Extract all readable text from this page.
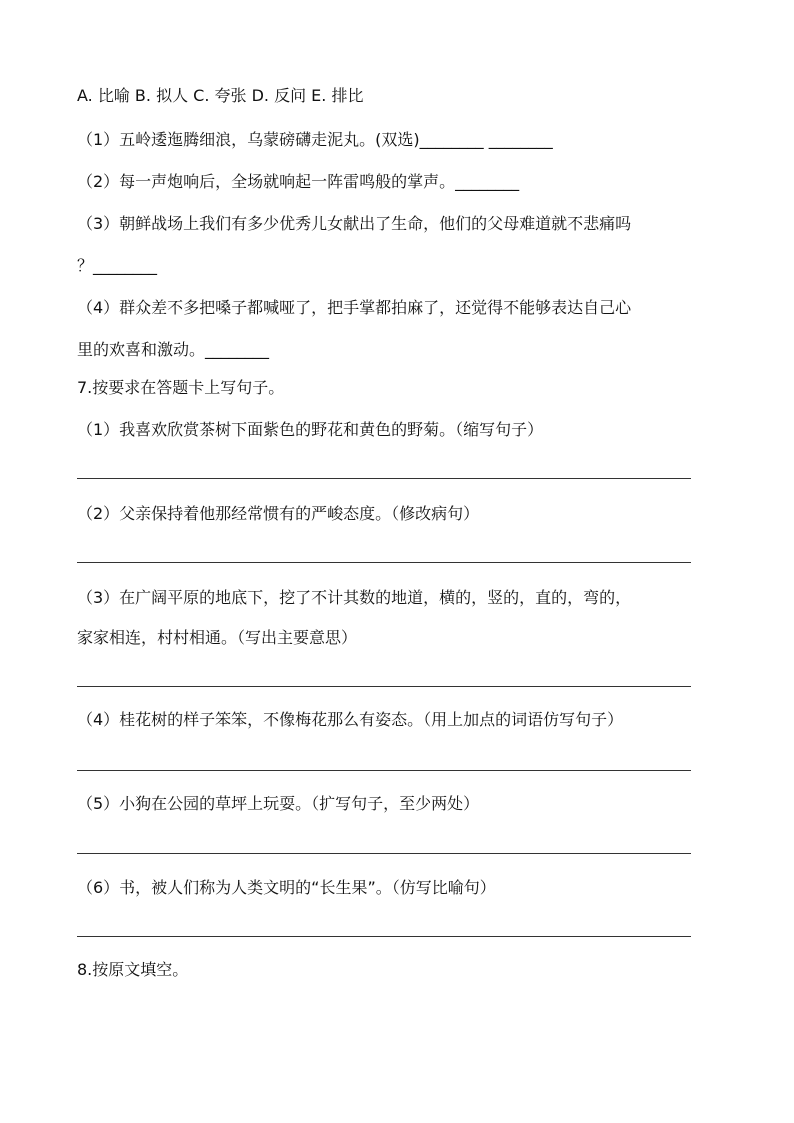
A. 比喻 B. 拟人 C. 夸张 D. 反问 E. 排比
（1）五岭逶迤腾细浪，乌蒙磅礴走泥丸。(双选)________ ________
（2）每一声炮响后，全场就响起一阵雷鸣般的掌声。________
（3）朝鲜战场上我们有多少优秀儿女献出了生命，他们的父母难道就不悲痛吗
？________
（4）群众差不多把嗓子都喊哑了，把手掌都拍麻了，还觉得不能够表达自己心
里的欢喜和激动。________
7.按要求在答题卡上写句子。
（1）我喜欢欣赏茶树下面紫色的野花和黄色的野菊。（缩写句子）
（2）父亲保持着他那经常惯有的严峻态度。（修改病句）
（3）在广阔平原的地底下，挖了不计其数的地道，横的，竖的，直的，弯的，
家家相连，村村相通。（写出主要意思）
（4）桂花树的样子笨笨，不像梅花那么有姿态。（用上加点的词语仿写句子）
（5）小狗在公园的草坪上玩耍。（扩写句子，至少两处）
（6）书，被人们称为人类文明的“长生果”。（仿写比喻句）
8.按原文填空。
